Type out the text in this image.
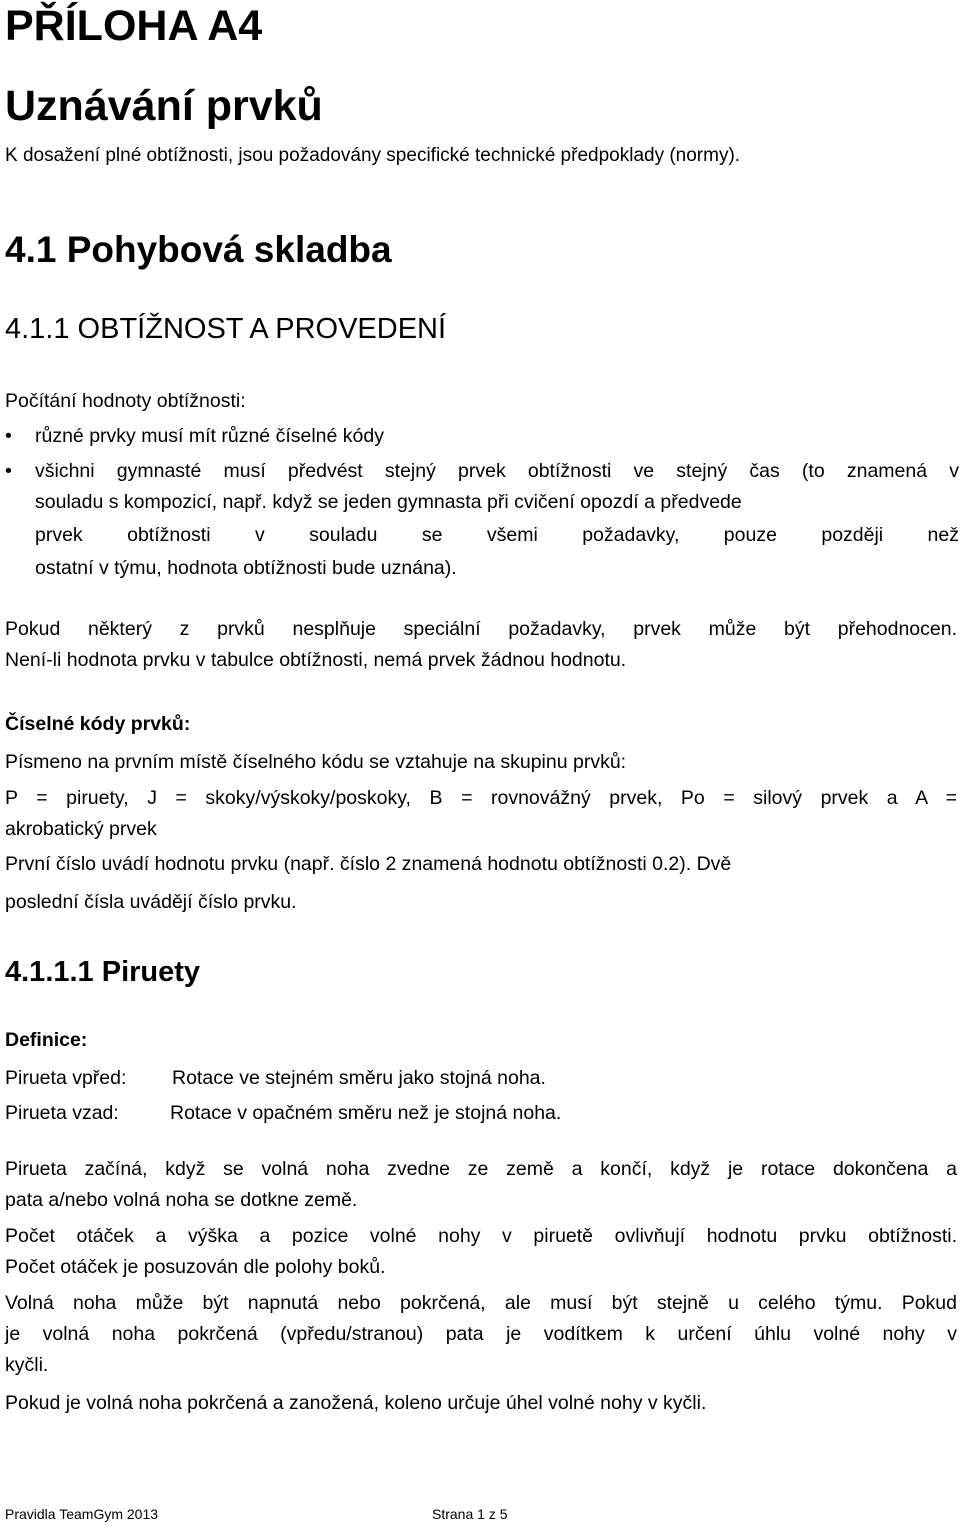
PŘÍLOHA A4
Uznávání prvků
K dosažení plné obtížnosti, jsou požadovány specifické technické předpoklady (normy).
4.1 Pohybová skladba
4.1.1 OBTÍŽNOST A PROVEDENÍ
Počítání hodnoty obtížnosti:
• různé prvky musí mít různé číselné kódy
• všichni gymnasté musí předvést stejný prvek obtížnosti ve stejný čas (to znamená v
souladu s kompozicí, např. když se jeden gymnasta při cvičení opozdí a předvede
prvek obtížnosti v souladu se všemi požadavky, pouze později než
ostatní v týmu, hodnota obtížnosti bude uznána).
Pokud některý z prvků nesplňuje speciální požadavky, prvek může být přehodnocen.
Není-li hodnota prvku v tabulce obtížnosti, nemá prvek žádnou hodnotu.
Číselné kódy prvků:
Písmeno na prvním místě číselného kódu se vztahuje na skupinu prvků:
P = piruety, J = skoky/výskoky/poskoky, B = rovnovážný prvek, Po = silový prvek a A =
akrobatický prvek
První číslo uvádí hodnotu prvku (např. číslo 2 znamená hodnotu obtížnosti 0.2). Dvě
poslední čísla uvádějí číslo prvku.
4.1.1.1 Piruety
Definice:
Pirueta vpřed: Rotace ve stejném směru jako stojná noha.
Pirueta vzad:	Rotace v opačném směru než je stojná noha.
Pirueta začíná, když se volná noha zvedne ze země a končí, když je rotace dokončena a
pata a/nebo volná noha se dotkne země.
Počet otáček a výška a pozice volné nohy v piruetě ovlivňují hodnotu prvku obtížnosti.
Počet otáček je posuzován dle polohy boků.
Volná noha může být napnutá nebo pokrčená, ale musí být stejně u celého týmu. Pokud
je volná noha pokrčená (vpředu/stranou) pata je vodítkem k určení úhlu volné nohy v
kyčli.
Pokud je volná noha pokrčená a zanožená, koleno určuje úhel volné nohy v kyčli.
Pravidla TeamGym 2013	Strana 1 z 5
